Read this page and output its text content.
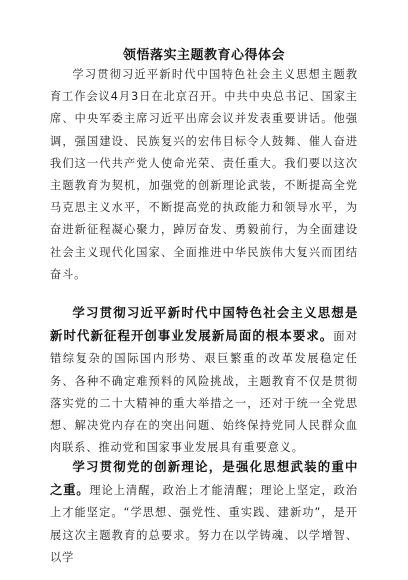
领悟落实主题教育心得体会

学习贯彻习近平新时代中国特色社会主义思想主题教育工作会议4月3日在北京召开。中共中央总书记、国家主席、中央军委主席习近平出席会议并发表重要讲话。他强调，强国建设、民族复兴的宏伟目标令人鼓舞、催人奋进我们这一代共产党人使命光荣、责任重大。我们要以这次主题教育为契机，加强党的创新理论武装，不断提高全党马克思主义水平，不断提高党的执政能力和领导水平，为奋进新征程凝心聚力，踔厉奋发、勇毅前行，为全面建设社会主义现代化国家、全面推进中华民族伟大复兴而团结奋斗。

学习贯彻习近平新时代中国特色社会主义思想是新时代新征程开创事业发展新局面的根本要求。面对错综复杂的国际国内形势、艰巨繁重的改革发展稳定任务、各种不确定难预料的风险挑战，主题教育不仅是贯彻落实党的二十大精神的重大举措之一，还对于统一全党思想、解决党内存在的突出问题、始终保持党同人民群众血肉联系、推动党和国家事业发展具有重要意义。

学习贯彻党的创新理论，是强化思想武装的重中之重。理论上清醒，政治上才能清醒；理论上坚定，政治上才能坚定。“学思想、强党性、重实践、建新功”，是开展这次主题教育的总要求。努力在以学铸魂、以学增智、以学
